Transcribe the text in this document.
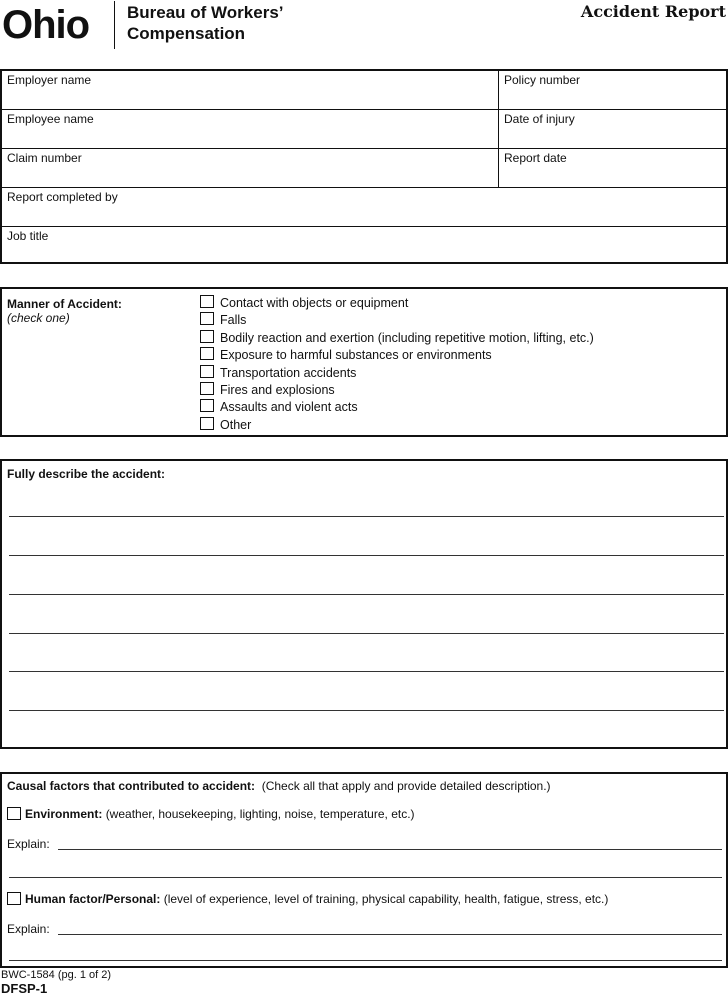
Ohio Bureau of Workers’
Compensation
Accident Report
Employer name	Policy number
Employee name	Date of injury
Claim number	Report date
Report completed by
Job title
Manner of Accident:
(check one)
Contact with objects or equipment
Falls
Bodily reaction and exertion (including repetitive motion, lifting, etc.)
Exposure to harmful substances or environments
Transportation accidents
Fires and explosions
Assaults and violent acts
Other
Fully describe the accident:
Causal factors that contributed to accident: (Check all that apply and provide detailed description.)
Environment: (weather, housekeeping, lighting, noise, temperature, etc.)
Explain:
Human factor/Personal: (level of experience, level of training, physical capability, health, fatigue, stress, etc.)
Explain:
BWC-1584 (pg. 1 of 2)
DFSP-1
